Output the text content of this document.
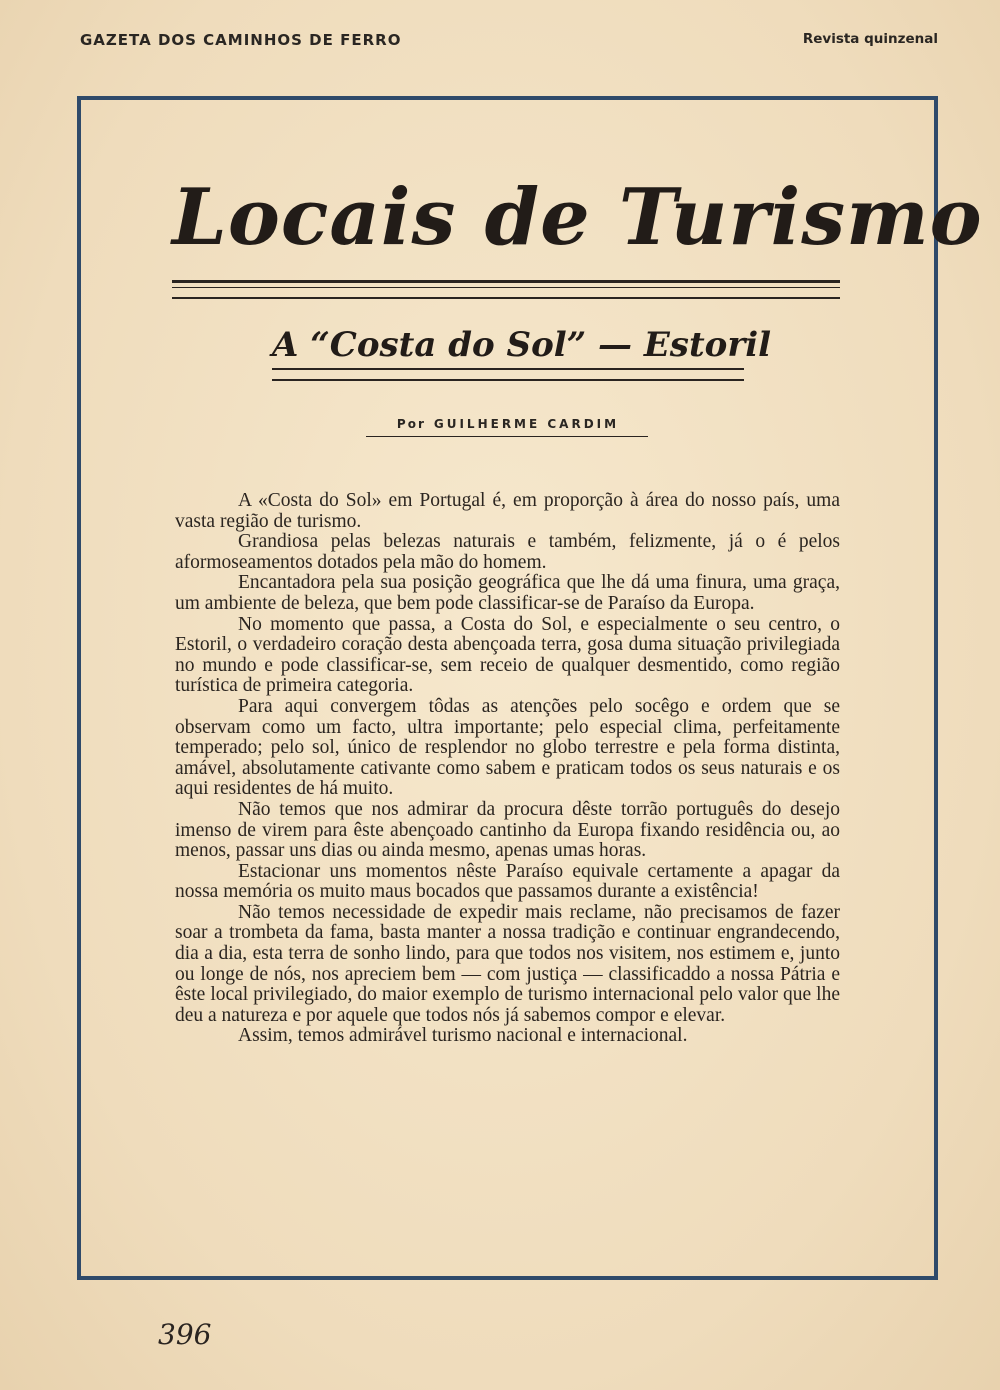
GAZETA DOS CAMINHOS DE FERRO	Revista quinzenal
Locais de Turismo
A “Costa do Sol” — Estoril
Por GUILHERME CARDIM

A «Costa do Sol» em Portugal é, em proporção à área do nosso país, uma vasta região de turismo.

Grandiosa pelas belezas naturais e também, felizmente, já o é pelos aformoseamentos dotados pela mão do homem.

Encantadora pela sua posição geográfica que lhe dá uma finura, uma graça, um ambiente de beleza, que bem pode classificar-se de Paraíso da Europa.

No momento que passa, a Costa do Sol, e especialmente o seu centro, o Estoril, o verdadeiro coração desta abençoada terra, gosa duma situação privilegiada no mundo e pode classificar-se, sem receio de qualquer desmentido, como região turística de primeira categoria.

Para aqui convergem tôdas as atenções pelo socêgo e ordem que se observam como um facto, ultra importante; pelo especial clima, perfeitamente temperado; pelo sol, único de resplendor no globo terrestre e pela forma distinta, amável, absolutamente cativante como sabem e praticam todos os seus naturais e os aqui residentes de há muito.

Não temos que nos admirar da procura dêste torrão português do desejo imenso de virem para êste abençoado cantinho da Europa fixando residência ou, ao menos, passar uns dias ou ainda mesmo, apenas umas horas.

Estacionar uns momentos nêste Paraíso equivale certamente a apagar da nossa memória os muito maus bocados que passamos durante a existência!

Não temos necessidade de expedir mais reclame, não precisamos de fazer soar a trombeta da fama, basta manter a nossa tradição e continuar engrandecendo, dia a dia, esta terra de sonho lindo, para que todos nos visitem, nos estimem e, junto ou longe de nós, nos apreciem bem — com justiça — classificaddo a nossa Pátria e êste local privilegiado, do maior exemplo de turismo internacional pelo valor que lhe deu a natureza e por aquele que todos nós já sabemos compor e elevar.

Assim, temos admirável turismo nacional e internacional.

396
